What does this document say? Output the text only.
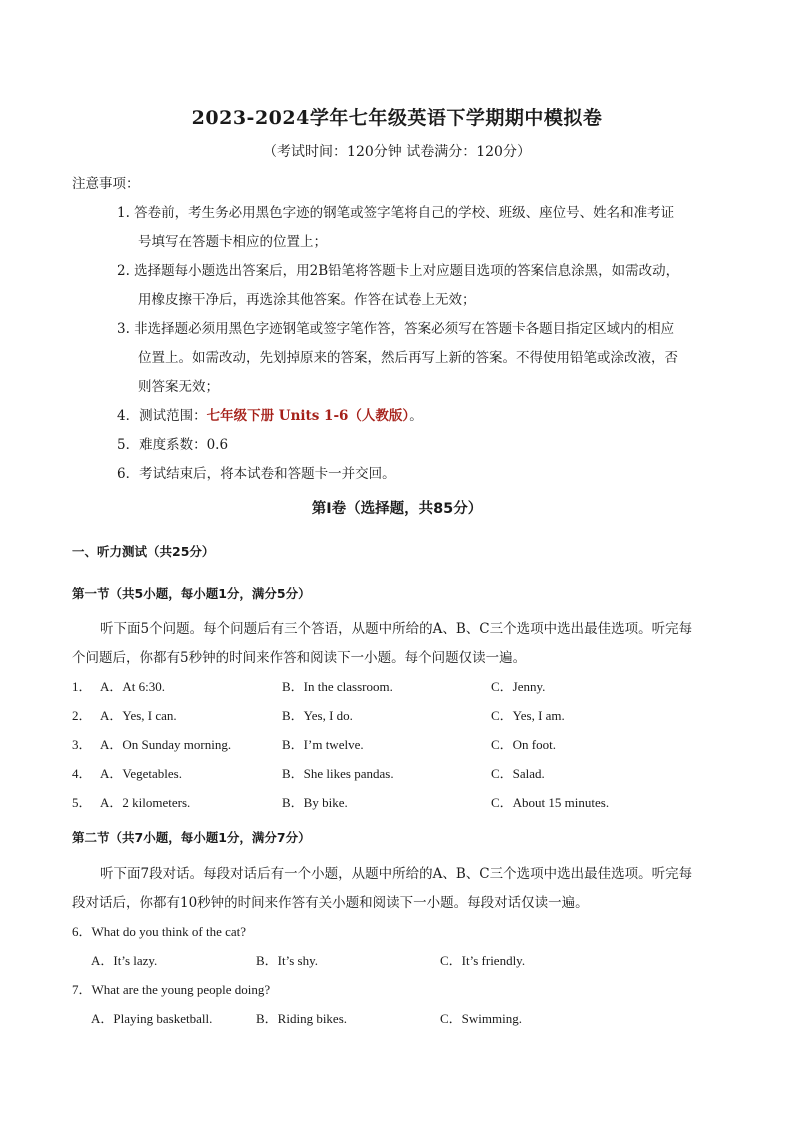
2023-2024学年七年级英语下学期期中模拟卷
（考试时间：120分钟 试卷满分：120分）
注意事项：
1. 答卷前，考生务必用黑色字迹的钢笔或签字笔将自己的学校、班级、座位号、姓名和准考证
号填写在答题卡相应的位置上；
2. 选择题每小题选出答案后，用2B铅笔将答题卡上对应题目选项的答案信息涂黑，如需改动，
用橡皮擦干净后，再选涂其他答案。作答在试卷上无效；
3. 非选择题必须用黑色字迹钢笔或签字笔作答，答案必须写在答题卡各题目指定区域内的相应
位置上。如需改动，先划掉原来的答案，然后再写上新的答案。不得使用铅笔或涂改液，否
则答案无效；
4．测试范围：七年级下册 Units 1-6（人教版）。
5．难度系数：0.6
6．考试结束后，将本试卷和答题卡一并交回。
第Ⅰ卷（选择题，共85分）
一、听力测试（共25分）
第一节（共5小题，每小题1分，满分5分）
听下面5个问题。每个问题后有三个答语，从题中所给的A、B、C三个选项中选出最佳选项。听完每
个问题后，你都有5秒钟的时间来作答和阅读下一小题。每个问题仅读一遍。
1． A．At 6:30.	B．In the classroom.	C．Jenny.
2． A．Yes, I can.	B．Yes, I do.	C．Yes, I am.
3． A．On Sunday morning.	B．I’m twelve.	C．On foot.
4． A．Vegetables.	B．She likes pandas.	C．Salad.
5． A．2 kilometers.	B．By bike.	C．About 15 minutes.
第二节（共7小题，每小题1分，满分7分）
听下面7段对话。每段对话后有一个小题，从题中所给的A、B、C三个选项中选出最佳选项。听完每
段对话后，你都有10秒钟的时间来作答有关小题和阅读下一小题。每段对话仅读一遍。
6．What do you think of the cat?
A．It’s lazy.	B．It’s shy.	C．It’s friendly.
7．What are the young people doing?
A．Playing basketball.	B．Riding bikes.	C．Swimming.
